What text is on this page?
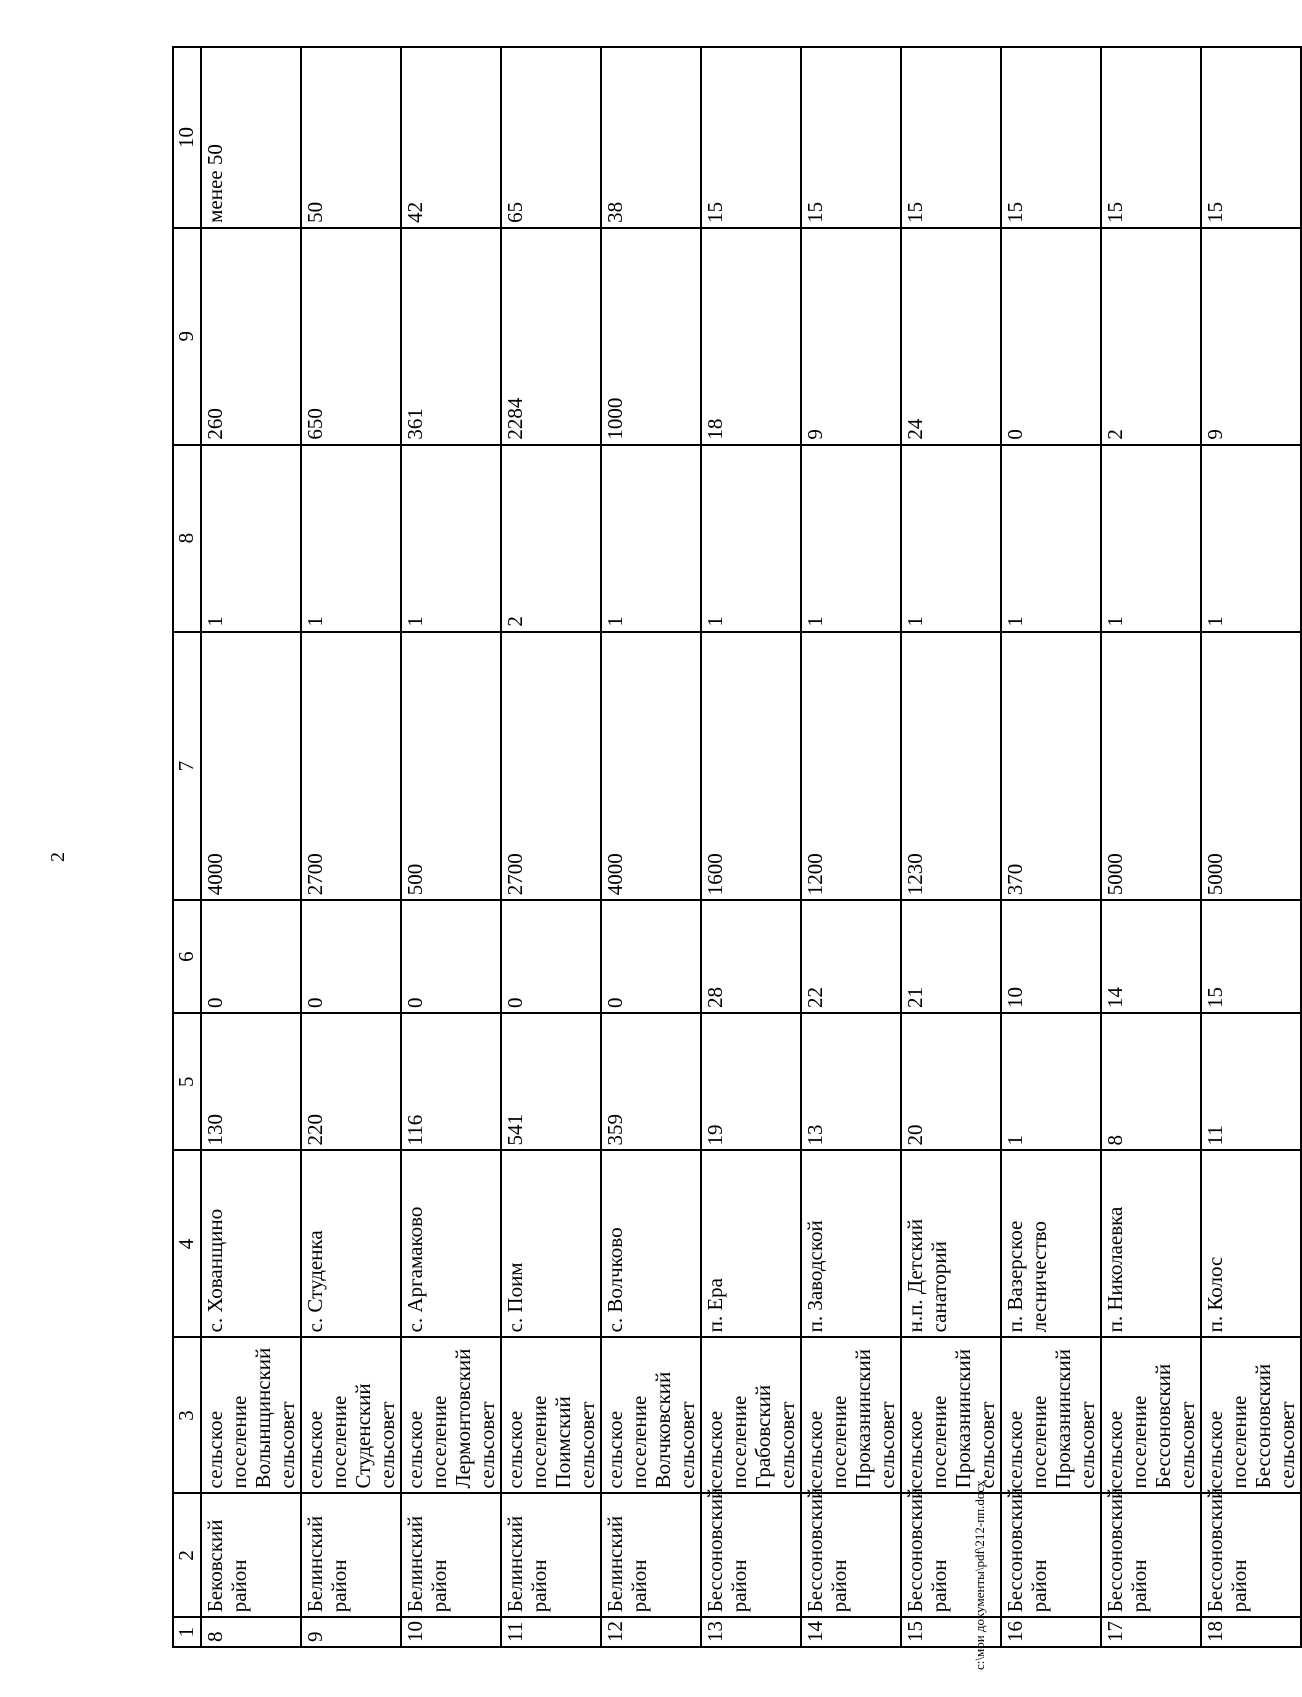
2
1	2	3	4	5	6	7	8	9	10
8	Бековский район	сельское поселение Волынщинский сельсовет	с. Хованщино	130	0	4000	1	260	менее 50
9	Белинский район	сельское поселение Студенский сельсовет	с. Студенка	220	0	2700	1	650	50
10	Белинский район	сельское поселение Лермонтовский сельсовет	с. Аргамаково	116	0	500	1	361	42
11	Белинский район	сельское поселение Поимский сельсовет	с. Поим	541	0	2700	2	2284	65
12	Белинский район	сельское поселение Волчковский сельсовет	с. Волчково	359	0	4000	1	1000	38
13	Бессоновский район	сельское поселение Грабовский сельсовет	п. Ера	19	28	1600	1	18	15
14	Бессоновский район	сельское поселение Проказнинский сельсовет	п. Заводской	13	22	1200	1	9	15
15	Бессоновский район	сельское поселение Проказнинский сельсовет	н.п. Детский санаторий	20	21	1230	1	24	15
16	Бессоновский район	сельское поселение Проказнинский сельсовет	п. Вазерское лесничество	1	10	370	1	0	15
17	Бессоновский район	сельское поселение Бессоновский сельсовет	п. Николаевка	8	14	5000	1	2	15
18	Бессоновский район	сельское поселение Бессоновский сельсовет	п. Колос	11	15	5000	1	9	15
c:\мои документы\pdf\212-пп.docx
